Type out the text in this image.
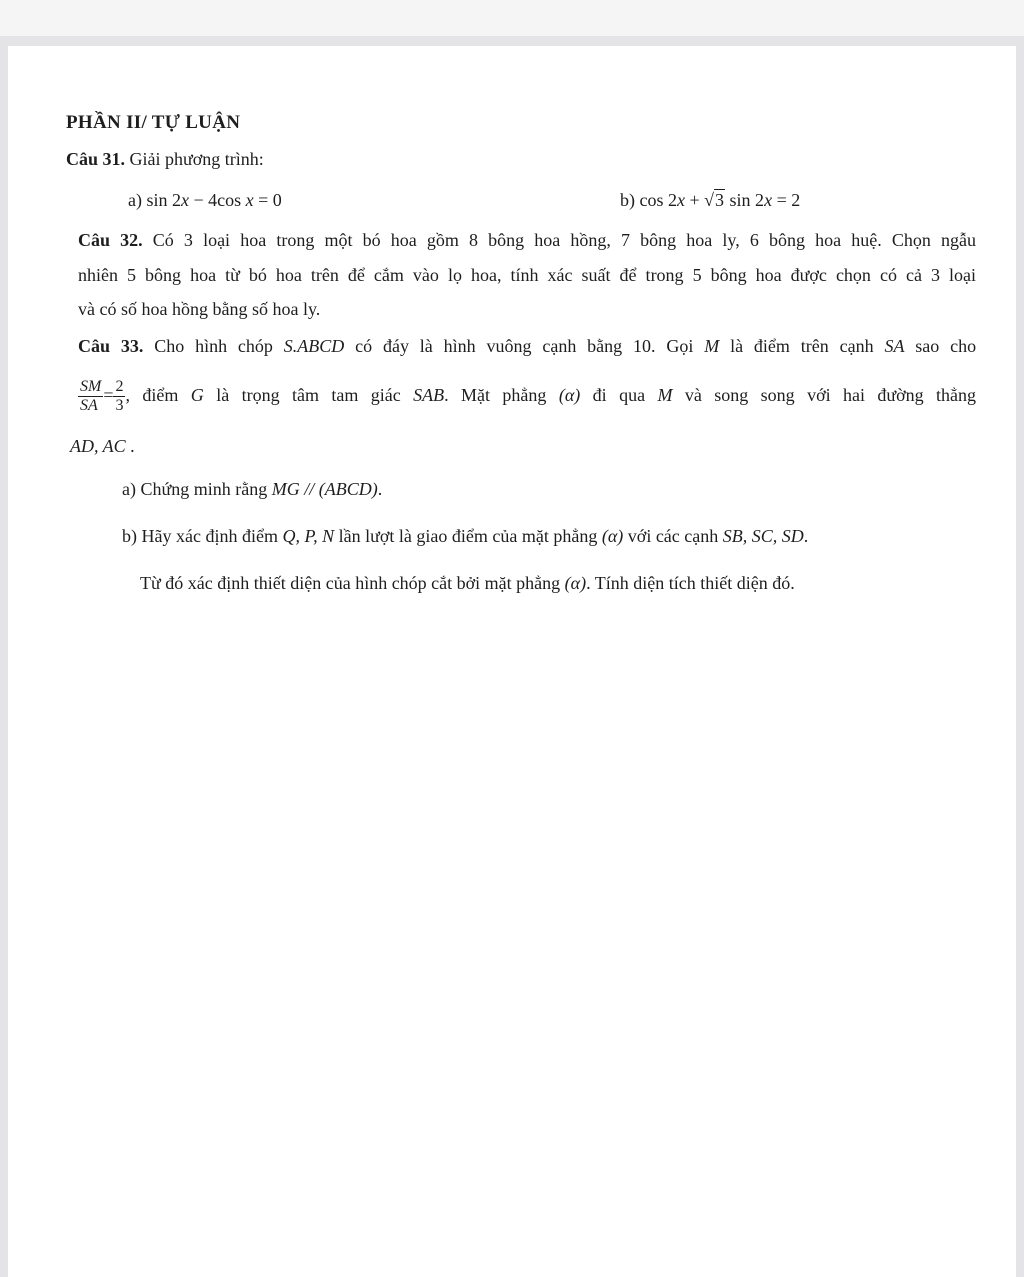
PHẦN II/ TỰ LUẬN
Câu 31. Giải phương trình:
a) sin 2x − 4cos x = 0	b) cos 2x + √3 sin 2x = 2
Câu 32. Có 3 loại hoa trong một bó hoa gồm 8 bông hoa hồng, 7 bông hoa ly, 6 bông hoa huệ. Chọn ngẫu
nhiên 5 bông hoa từ bó hoa trên để cắm vào lọ hoa, tính xác suất để trong 5 bông hoa được chọn có cả 3 loại
và có số hoa hồng bằng số hoa ly.
Câu 33. Cho hình chóp S.ABCD có đáy là hình vuông cạnh bằng 10. Gọi M là điểm trên cạnh SA sao cho
$\frac{SM}{SA} = \frac{2}{3}$ , điểm G là trọng tâm tam giác SAB. Mặt phẳng (α) đi qua M và song song với hai đường thẳng
AD, AC .
a) Chứng minh rằng MG // (ABCD).
b) Hãy xác định điểm Q, P, N lần lượt là giao điểm của mặt phẳng (α) với các cạnh SB, SC, SD.
Từ đó xác định thiết diện của hình chóp cắt bởi mặt phẳng (α). Tính diện tích thiết diện đó.
